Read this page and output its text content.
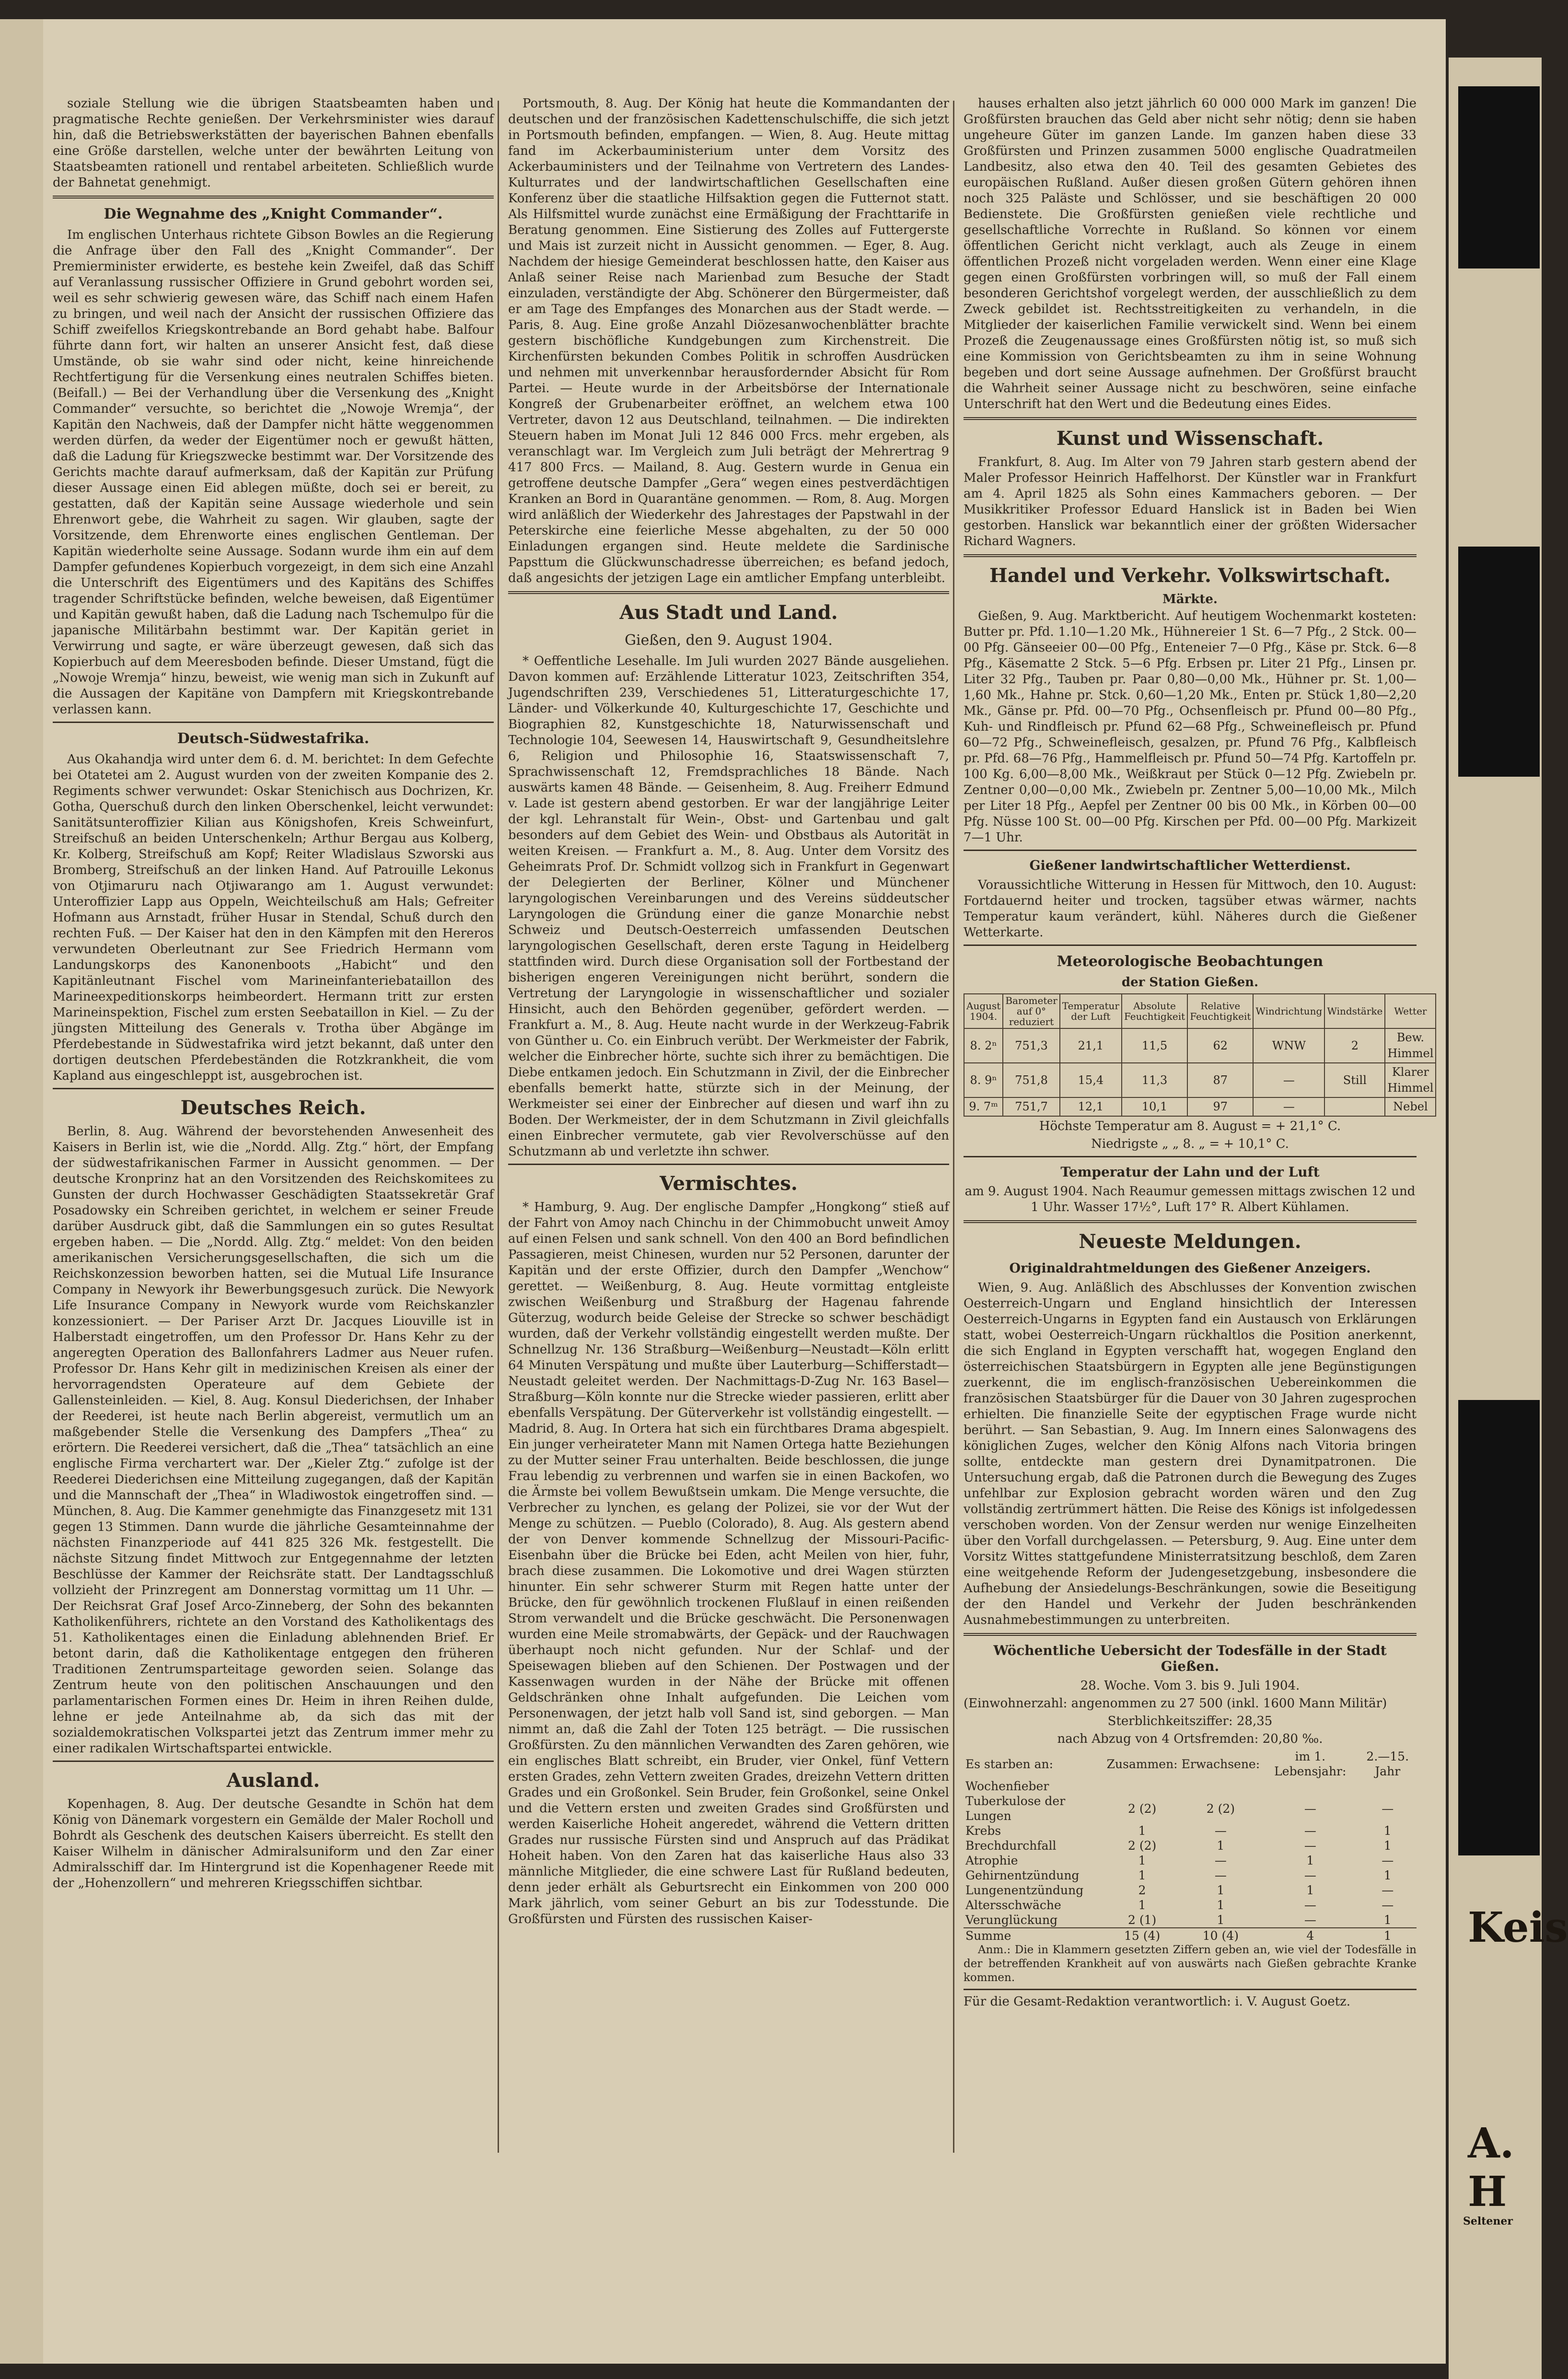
Keis
A. H
Seltener

soziale Stellung wie die übrigen Staatsbeamten haben und pragmatische Rechte genießen. Der Verkehrsminister wies darauf hin, daß die Betriebswerkstätten der bayerischen Bahnen ebenfalls eine Größe darstellen, welche unter der bewährten Leitung von Staatsbeamten rationell und rentabel arbeiteten. Schließlich wurde der Bahnetat genehmigt.

Die Wegnahme des „Knight Commander“.

Im englischen Unterhaus richtete Gibson Bowles an die Regierung die Anfrage über den Fall des „Knight Commander“. Der Premierminister erwiderte, es bestehe kein Zweifel, daß das Schiff auf Veranlassung russischer Offiziere in Grund gebohrt worden sei, weil es sehr schwierig gewesen wäre, das Schiff nach einem Hafen zu bringen, und weil nach der Ansicht der russischen Offiziere das Schiff zweifellos Kriegskontrebande an Bord gehabt habe. Balfour führte dann fort, wir halten an unserer Ansicht fest, daß diese Umstände, ob sie wahr sind oder nicht, keine hinreichende Rechtfertigung für die Versenkung eines neutralen Schiffes bieten. (Beifall.) — Bei der Verhandlung über die Versenkung des „Knight Commander“ versuchte, so berichtet die „Nowoje Wremja“, der Kapitän den Nachweis, daß der Dampfer nicht hätte weggenommen werden dürfen, da weder der Eigentümer noch er gewußt hätten, daß die Ladung für Kriegszwecke bestimmt war. Der Vorsitzende des Gerichts machte darauf aufmerksam, daß der Kapitän zur Prüfung dieser Aussage einen Eid ablegen müßte, doch sei er bereit, zu gestatten, daß der Kapitän seine Aussage wiederhole und sein Ehrenwort gebe, die Wahrheit zu sagen. Wir glauben, sagte der Vorsitzende, dem Ehrenworte eines englischen Gentleman. Der Kapitän wiederholte seine Aussage. Sodann wurde ihm ein auf dem Dampfer gefundenes Kopierbuch vorgezeigt, in dem sich eine Anzahl die Unterschrift des Eigentümers und des Kapitäns des Schiffes tragender Schriftstücke befinden, welche beweisen, daß Eigentümer und Kapitän gewußt haben, daß die Ladung nach Tschemulpo für die japanische Militärbahn bestimmt war. Der Kapitän geriet in Verwirrung und sagte, er wäre überzeugt gewesen, daß sich das Kopierbuch auf dem Meeresboden befinde. Dieser Umstand, fügt die „Nowoje Wremja“ hinzu, beweist, wie wenig man sich in Zukunft auf die Aussagen der Kapitäne von Dampfern mit Kriegskontrebande verlassen kann.

Deutsch-Südwestafrika.

Aus Okahandja wird unter dem 6. d. M. berichtet: In dem Gefechte bei Otatetei am 2. August wurden von der zweiten Kompanie des 2. Regiments schwer verwundet: Oskar Stenichisch aus Dochrizen, Kr. Gotha, Querschuß durch den linken Oberschenkel, leicht verwundet: Sanitätsunteroffizier Kilian aus Königshofen, Kreis Schweinfurt, Streifschuß an beiden Unterschenkeln; Arthur Bergau aus Kolberg, Kr. Kolberg, Streifschuß am Kopf; Reiter Wladislaus Szworski aus Bromberg, Streifschuß an der linken Hand. Auf Patrouille Lekonus von Otjimaruru nach Otjiwarango am 1. August verwundet: Unteroffizier Lapp aus Oppeln, Weichteilschuß am Hals; Gefreiter Hofmann aus Arnstadt, früher Husar in Stendal, Schuß durch den rechten Fuß. — Der Kaiser hat den in den Kämpfen mit den Hereros verwundeten Oberleutnant zur See Friedrich Hermann vom Landungskorps des Kanonenboots „Habicht“ und den Kapitänleutnant Fischel vom Marineinfanteriebataillon des Marineexpeditionskorps heimbeordert. Hermann tritt zur ersten Marineinspektion, Fischel zum ersten Seebataillon in Kiel. — Zu der jüngsten Mitteilung des Generals v. Trotha über Abgänge im Pferdebestande in Südwestafrika wird jetzt bekannt, daß unter den dortigen deutschen Pferdebeständen die Rotzkrankheit, die vom Kapland aus eingeschleppt ist, ausgebrochen ist.

Deutsches Reich.

Berlin, 8. Aug. Während der bevorstehenden Anwesenheit des Kaisers in Berlin ist, wie die „Nordd. Allg. Ztg.“ hört, der Empfang der südwestafrikanischen Farmer in Aussicht genommen. — Der deutsche Kronprinz hat an den Vorsitzenden des Reichskomitees zu Gunsten der durch Hochwasser Geschädigten Staatssekretär Graf Posadowsky ein Schreiben gerichtet, in welchem er seiner Freude darüber Ausdruck gibt, daß die Sammlungen ein so gutes Resultat ergeben haben. — Die „Nordd. Allg. Ztg.“ meldet: Von den beiden amerikanischen Versicherungsgesellschaften, die sich um die Reichskonzession beworben hatten, sei die Mutual Life Insurance Company in Newyork ihr Bewerbungsgesuch zurück. Die Newyork Life Insurance Company in Newyork wurde vom Reichskanzler konzessioniert. — Der Pariser Arzt Dr. Jacques Liouville ist in Halberstadt eingetroffen, um den Professor Dr. Hans Kehr zu der angeregten Operation des Ballonfahrers Ladmer aus Neuer rufen. Professor Dr. Hans Kehr gilt in medizinischen Kreisen als einer der hervorragendsten Operateure auf dem Gebiete der Gallensteinleiden. — Kiel, 8. Aug. Konsul Diederichsen, der Inhaber der Reederei, ist heute nach Berlin abgereist, vermutlich um an maßgebender Stelle die Versenkung des Dampfers „Thea“ zu erörtern. Die Reederei versichert, daß die „Thea“ tatsächlich an eine englische Firma verchartert war. Der „Kieler Ztg.“ zufolge ist der Reederei Diederichsen eine Mitteilung zugegangen, daß der Kapitän und die Mannschaft der „Thea“ in Wladiwostok eingetroffen sind. — München, 8. Aug. Die Kammer genehmigte das Finanzgesetz mit 131 gegen 13 Stimmen. Dann wurde die jährliche Gesamteinnahme der nächsten Finanzperiode auf 441 825 326 Mk. festgestellt. Die nächste Sitzung findet Mittwoch zur Entgegennahme der letzten Beschlüsse der Kammer der Reichsräte statt. Der Landtagsschluß vollzieht der Prinzregent am Donnerstag vormittag um 11 Uhr. — Der Reichsrat Graf Josef Arco-Zinneberg, der Sohn des bekannten Katholikenführers, richtete an den Vorstand des Katholikentags des 51. Katholikentages einen die Einladung ablehnenden Brief. Er betont darin, daß die Katholikentage entgegen den früheren Traditionen Zentrumsparteitage geworden seien. Solange das Zentrum heute von den politischen Anschauungen und den parlamentarischen Formen eines Dr. Heim in ihren Reihen dulde, lehne er jede Anteilnahme ab, da sich das mit der sozialdemokratischen Volkspartei jetzt das Zentrum immer mehr zu einer radikalen Wirtschaftspartei entwickle.

Ausland.

Kopenhagen, 8. Aug. Der deutsche Gesandte in Schön hat dem König von Dänemark vorgestern ein Gemälde der Maler Rocholl und Bohrdt als Geschenk des deutschen Kaisers überreicht. Es stellt den Kaiser Wilhelm in dänischer Admiralsuniform und den Zar einer Admiralsschiff dar. Im Hintergrund ist die Kopenhagener Reede mit der „Hohenzollern“ und mehreren Kriegsschiffen sichtbar.

Portsmouth, 8. Aug. Der König hat heute die Kommandanten der deutschen und der französischen Kadettenschulschiffe, die sich jetzt in Portsmouth befinden, empfangen. — Wien, 8. Aug. Heute mittag fand im Ackerbauministerium unter dem Vorsitz des Ackerbauministers und der Teilnahme von Vertretern des Landes-Kulturrates und der landwirtschaftlichen Gesellschaften eine Konferenz über die staatliche Hilfsaktion gegen die Futternot statt. Als Hilfsmittel wurde zunächst eine Ermäßigung der Frachttarife in Beratung genommen. Eine Sistierung des Zolles auf Futtergerste und Mais ist zurzeit nicht in Aussicht genommen. — Eger, 8. Aug. Nachdem der hiesige Gemeinderat beschlossen hatte, den Kaiser aus Anlaß seiner Reise nach Marienbad zum Besuche der Stadt einzuladen, verständigte der Abg. Schönerer den Bürgermeister, daß er am Tage des Empfanges des Monarchen aus der Stadt werde. — Paris, 8. Aug. Eine große Anzahl Diözesanwochenblätter brachte gestern bischöfliche Kundgebungen zum Kirchenstreit. Die Kirchenfürsten bekunden Combes Politik in schroffen Ausdrücken und nehmen mit unverkennbar herausfordernder Absicht für Rom Partei. — Heute wurde in der Arbeitsbörse der Internationale Kongreß der Grubenarbeiter eröffnet, an welchem etwa 100 Vertreter, davon 12 aus Deutschland, teilnahmen. — Die indirekten Steuern haben im Monat Juli 12 846 000 Frcs. mehr ergeben, als veranschlagt war. Im Vergleich zum Juli beträgt der Mehrertrag 9 417 800 Frcs. — Mailand, 8. Aug. Gestern wurde in Genua ein getroffene deutsche Dampfer „Gera“ wegen eines pestverdächtigen Kranken an Bord in Quarantäne genommen. — Rom, 8. Aug. Morgen wird anläßlich der Wiederkehr des Jahrestages der Papstwahl in der Peterskirche eine feierliche Messe abgehalten, zu der 50 000 Einladungen ergangen sind. Heute meldete die Sardinische Papsttum die Glückwunschadresse überreichen; es befand jedoch, daß angesichts der jetzigen Lage ein amtlicher Empfang unterbleibt.

Aus Stadt und Land.
Gießen, den 9. August 1904.

* Oeffentliche Lesehalle. Im Juli wurden 2027 Bände ausgeliehen. Davon kommen auf: Erzählende Litteratur 1023, Zeitschriften 354, Jugendschriften 239, Verschiedenes 51, Litteraturgeschichte 17, Länder- und Völkerkunde 40, Kulturgeschichte 17, Geschichte und Biographien 82, Kunstgeschichte 18, Naturwissenschaft und Technologie 104, Seewesen 14, Hauswirtschaft 9, Gesundheitslehre 6, Religion und Philosophie 16, Staatswissenschaft 7, Sprachwissenschaft 12, Fremdsprachliches 18 Bände. Nach auswärts kamen 48 Bände. — Geisenheim, 8. Aug. Freiherr Edmund v. Lade ist gestern abend gestorben. Er war der langjährige Leiter der kgl. Lehranstalt für Wein-, Obst- und Gartenbau und galt besonders auf dem Gebiet des Wein- und Obstbaus als Autorität in weiten Kreisen. — Frankfurt a. M., 8. Aug. Unter dem Vorsitz des Geheimrats Prof. Dr. Schmidt vollzog sich in Frankfurt in Gegenwart der Delegierten der Berliner, Kölner und Münchener laryngologischen Vereinbarungen und des Vereins süddeutscher Laryngologen die Gründung einer die ganze Monarchie nebst Schweiz und Deutsch-Oesterreich umfassenden Deutschen laryngologischen Gesellschaft, deren erste Tagung in Heidelberg stattfinden wird. Durch diese Organisation soll der Fortbestand der bisherigen engeren Vereinigungen nicht berührt, sondern die Vertretung der Laryngologie in wissenschaftlicher und sozialer Hinsicht, auch den Behörden gegenüber, gefördert werden. — Frankfurt a. M., 8. Aug. Heute nacht wurde in der Werkzeug-Fabrik von Günther u. Co. ein Einbruch verübt. Der Werkmeister der Fabrik, welcher die Einbrecher hörte, suchte sich ihrer zu bemächtigen. Die Diebe entkamen jedoch. Ein Schutzmann in Zivil, der die Einbrecher ebenfalls bemerkt hatte, stürzte sich in der Meinung, der Werkmeister sei einer der Einbrecher auf diesen und warf ihn zu Boden. Der Werkmeister, der in dem Schutzmann in Zivil gleichfalls einen Einbrecher vermutete, gab vier Revolverschüsse auf den Schutzmann ab und verletzte ihn schwer.

Vermischtes.

* Hamburg, 9. Aug. Der englische Dampfer „Hongkong“ stieß auf der Fahrt von Amoy nach Chinchu in der Chimmobucht unweit Amoy auf einen Felsen und sank schnell. Von den 400 an Bord befindlichen Passagieren, meist Chinesen, wurden nur 52 Personen, darunter der Kapitän und der erste Offizier, durch den Dampfer „Wenchow“ gerettet. — Weißenburg, 8. Aug. Heute vormittag entgleiste zwischen Weißenburg und Straßburg der Hagenau fahrende Güterzug, wodurch beide Geleise der Strecke so schwer beschädigt wurden, daß der Verkehr vollständig eingestellt werden mußte. Der Schnellzug Nr. 136 Straßburg—Weißenburg—Neustadt—Köln erlitt 64 Minuten Verspätung und mußte über Lauterburg—Schifferstadt—Neustadt geleitet werden. Der Nachmittags-D-Zug Nr. 163 Basel—Straßburg—Köln konnte nur die Strecke wieder passieren, erlitt aber ebenfalls Verspätung. Der Güterverkehr ist vollständig eingestellt. — Madrid, 8. Aug. In Ortera hat sich ein fürchtbares Drama abgespielt. Ein junger verheirateter Mann mit Namen Ortega hatte Beziehungen zu der Mutter seiner Frau unterhalten. Beide beschlossen, die junge Frau lebendig zu verbrennen und warfen sie in einen Backofen, wo die Ärmste bei vollem Bewußtsein umkam. Die Menge versuchte, die Verbrecher zu lynchen, es gelang der Polizei, sie vor der Wut der Menge zu schützen. — Pueblo (Colorado), 8. Aug. Als gestern abend der von Denver kommende Schnellzug der Missouri-Pacific-Eisenbahn über die Brücke bei Eden, acht Meilen von hier, fuhr, brach diese zusammen. Die Lokomotive und drei Wagen stürzten hinunter. Ein sehr schwerer Sturm mit Regen hatte unter der Brücke, den für gewöhnlich trockenen Flußlauf in einen reißenden Strom verwandelt und die Brücke geschwächt. Die Personenwagen wurden eine Meile stromabwärts, der Gepäck- und der Rauchwagen überhaupt noch nicht gefunden. Nur der Schlaf- und der Speisewagen blieben auf den Schienen. Der Postwagen und der Kassenwagen wurden in der Nähe der Brücke mit offenen Geldschränken ohne Inhalt aufgefunden. Die Leichen vom Personenwagen, der jetzt halb voll Sand ist, sind geborgen. — Man nimmt an, daß die Zahl der Toten 125 beträgt. — Die russischen Großfürsten. Zu den männlichen Verwandten des Zaren gehören, wie ein englisches Blatt schreibt, ein Bruder, vier Onkel, fünf Vettern ersten Grades, zehn Vettern zweiten Grades, dreizehn Vettern dritten Grades und ein Großonkel. Sein Bruder, fein Großonkel, seine Onkel und die Vettern ersten und zweiten Grades sind Großfürsten und werden Kaiserliche Hoheit angeredet, während die Vettern dritten Grades nur russische Fürsten sind und Anspruch auf das Prädikat Hoheit haben. Von den Zaren hat das kaiserliche Haus also 33 männliche Mitglieder, die eine schwere Last für Rußland bedeuten, denn jeder erhält als Geburtsrecht ein Einkommen von 200 000 Mark jährlich, vom seiner Geburt an bis zur Todesstunde. Die Großfürsten und Fürsten des russischen Kaiser-

hauses erhalten also jetzt jährlich 60 000 000 Mark im ganzen! Die Großfürsten brauchen das Geld aber nicht sehr nötig; denn sie haben ungeheure Güter im ganzen Lande. Im ganzen haben diese 33 Großfürsten und Prinzen zusammen 5000 englische Quadratmeilen Landbesitz, also etwa den 40. Teil des gesamten Gebietes des europäischen Rußland. Außer diesen großen Gütern gehören ihnen noch 325 Paläste und Schlösser, und sie beschäftigen 20 000 Bedienstete. Die Großfürsten genießen viele rechtliche und gesellschaftliche Vorrechte in Rußland. So können vor einem öffentlichen Gericht nicht verklagt, auch als Zeuge in einem öffentlichen Prozeß nicht vorgeladen werden. Wenn einer eine Klage gegen einen Großfürsten vorbringen will, so muß der Fall einem besonderen Gerichtshof vorgelegt werden, der ausschließlich zu dem Zweck gebildet ist. Rechtsstreitigkeiten zu verhandeln, in die Mitglieder der kaiserlichen Familie verwickelt sind. Wenn bei einem Prozeß die Zeugenaussage eines Großfürsten nötig ist, so muß sich eine Kommission von Gerichtsbeamten zu ihm in seine Wohnung begeben und dort seine Aussage aufnehmen. Der Großfürst braucht die Wahrheit seiner Aussage nicht zu beschwören, seine einfache Unterschrift hat den Wert und die Bedeutung eines Eides.

Kunst und Wissenschaft.

Frankfurt, 8. Aug. Im Alter von 79 Jahren starb gestern abend der Maler Professor Heinrich Haffelhorst. Der Künstler war in Frankfurt am 4. April 1825 als Sohn eines Kammachers geboren. — Der Musikkritiker Professor Eduard Hanslick ist in Baden bei Wien gestorben. Hanslick war bekanntlich einer der größten Widersacher Richard Wagners.

Handel und Verkehr. Volkswirtschaft.
Märkte.

Gießen, 9. Aug. Marktbericht. Auf heutigem Wochenmarkt kosteten: Butter pr. Pfd. 1.10—1.20 Mk., Hühnereier 1 St. 6—7 Pfg., 2 Stck. 00—00 Pfg. Gänseeier 00—00 Pfg., Enteneier 7—0 Pfg., Käse pr. Stck. 6—8 Pfg., Käsematte 2 Stck. 5—6 Pfg. Erbsen pr. Liter 21 Pfg., Linsen pr. Liter 32 Pfg., Tauben pr. Paar 0,80—0,00 Mk., Hühner pr. St. 1,00—1,60 Mk., Hahne pr. Stck. 0,60—1,20 Mk., Enten pr. Stück 1,80—2,20 Mk., Gänse pr. Pfd. 00—70 Pfg., Ochsenfleisch pr. Pfund 00—80 Pfg., Kuh- und Rindfleisch pr. Pfund 62—68 Pfg., Schweinefleisch pr. Pfund 60—72 Pfg., Schweinefleisch, gesalzen, pr. Pfund 76 Pfg., Kalbfleisch pr. Pfd. 68—76 Pfg., Hammelfleisch pr. Pfund 50—74 Pfg. Kartoffeln pr. 100 Kg. 6,00—8,00 Mk., Weißkraut per Stück 0—12 Pfg. Zwiebeln pr. Zentner 0,00—0,00 Mk., Zwiebeln pr. Zentner 5,00—10,00 Mk., Milch per Liter 18 Pfg., Aepfel per Zentner 00 bis 00 Mk., in Körben 00—00 Pfg. Nüsse 100 St. 00—00 Pfg. Kirschen per Pfd. 00—00 Pfg. Markizeit 7—1 Uhr.

Gießener landwirtschaftlicher Wetterdienst.

Voraussichtliche Witterung in Hessen für Mittwoch, den 10. August: Fortdauernd heiter und trocken, tagsüber etwas wärmer, nachts Temperatur kaum verändert, kühl. Näheres durch die Gießener Wetterkarte.

Meteorologische Beobachtungen
der Station Gießen.
August 1904.	Barometer auf 0° reduziert	Temperatur der Luft	Absolute Feuchtigkeit	Relative Feuchtigkeit	Windrichtung	Windstärke	Wetter
8. 2ⁿ	751,3	21,1	11,5	62	WNW	2	Bew. Himmel
8. 9ⁿ	751,8	15,4	11,3	87	—	Still	Klarer Himmel
9. 7ᵐ	751,7	12,1	10,1	97	—		Nebel

Höchste Temperatur am 8. August = + 21,1° C.

Niedrigste „ „ 8. „ = + 10,1° C.

Temperatur der Lahn und der Luft

am 9. August 1904. Nach Reaumur gemessen mittags zwischen 12 und 1 Uhr. Wasser 17½°, Luft 17° R. Albert Kühlamen.

Neueste Meldungen.
Originaldrahtmeldungen des Gießener Anzeigers.

Wien, 9. Aug. Anläßlich des Abschlusses der Konvention zwischen Oesterreich-Ungarn und England hinsichtlich der Interessen Oesterreich-Ungarns in Egypten fand ein Austausch von Erklärungen statt, wobei Oesterreich-Ungarn rückhaltlos die Position anerkennt, die sich England in Egypten verschafft hat, wogegen England den österreichischen Staatsbürgern in Egypten alle jene Begünstigungen zuerkennt, die im englisch-französischen Uebereinkommen die französischen Staatsbürger für die Dauer von 30 Jahren zugesprochen erhielten. Die finanzielle Seite der egyptischen Frage wurde nicht berührt. — San Sebastian, 9. Aug. Im Innern eines Salonwagens des königlichen Zuges, welcher den König Alfons nach Vitoria bringen sollte, entdeckte man gestern drei Dynamitpatronen. Die Untersuchung ergab, daß die Patronen durch die Bewegung des Zuges unfehlbar zur Explosion gebracht worden wären und den Zug vollständig zertrümmert hätten. Die Reise des Königs ist infolgedessen verschoben worden. Von der Zensur werden nur wenige Einzelheiten über den Vorfall durchgelassen. — Petersburg, 9. Aug. Eine unter dem Vorsitz Wittes stattgefundene Ministerratsitzung beschloß, dem Zaren eine weitgehende Reform der Judengesetzgebung, insbesondere die Aufhebung der Ansiedelungs-Beschränkungen, sowie die Beseitigung der den Handel und Verkehr der Juden beschränkenden Ausnahmebestimmungen zu unterbreiten.

Wöchentliche Uebersicht der Todesfälle in der Stadt Gießen.

28. Woche. Vom 3. bis 9. Juli 1904.

(Einwohnerzahl: angenommen zu 27 500 (inkl. 1600 Mann Militär)

Sterblichkeitsziffer: 28,35

nach Abzug von 4 Ortsfremden: 20,80 ‰.

Es starben an:	Zusammen:	Erwachsene:	im 1. Lebensjahr:	2.—15. Jahr
Wochenfieber				
Tuberkulose der Lungen	2 (2)	2 (2)	—	—
Krebs	1	—	—	1
Brechdurchfall	2 (2)	1	—	1
Atrophie	1	—	1	—
Gehirnentzündung	1	—	—	1
Lungenentzündung	2	1	1	—
Altersschwäche	1	1	—	—
Verunglückung	2 (1)	1	—	1
Summe	15 (4)	10 (4)	4	1

Anm.: Die in Klammern gesetzten Ziffern geben an, wie viel der Todesfälle in der betreffenden Krankheit auf von auswärts nach Gießen gebrachte Kranke kommen.

Für die Gesamt-Redaktion verantwortlich: i. V. August Goetz.
